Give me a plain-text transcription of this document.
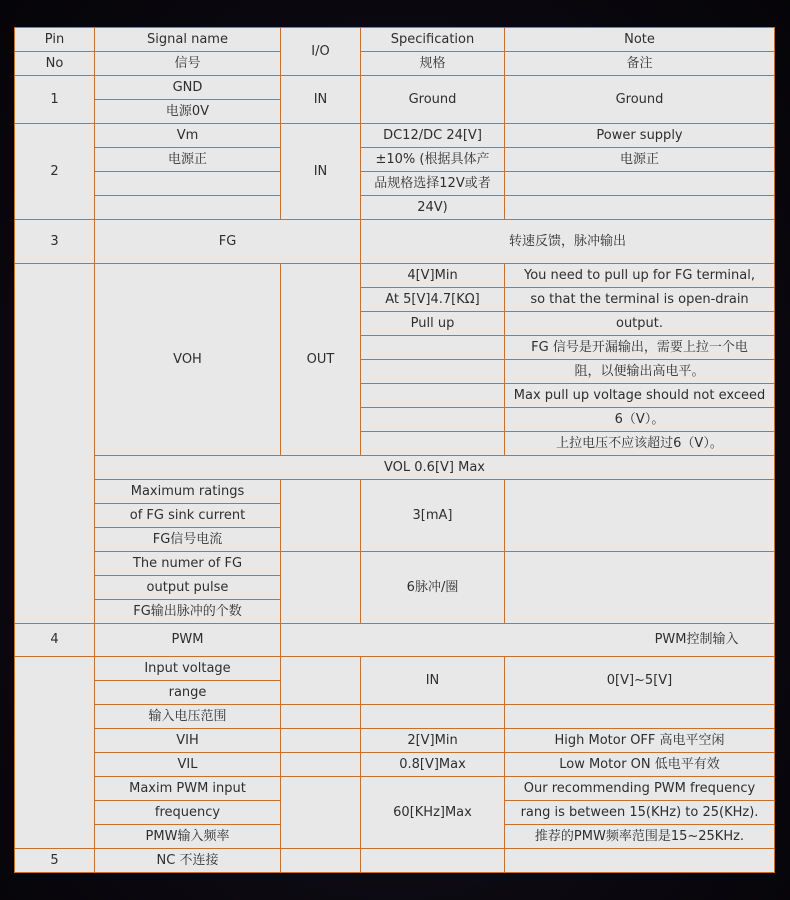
Pin	Signal name	I/O	Specification	Note
No	信号		规格	备注
1	GND	IN	Ground	Ground
	电源0V			
2	Vm	IN	DC12/DC 24[V]	Power supply
	电源正		±10% (根据具体产	电源正
			品规格选择12V或者	
			24V)	
3	FG		转速反馈，脉冲输出	
	VOH	OUT	4[V]Min	You need to pull up for FG terminal,
			At 5[V]4.7[KΩ]	so that the terminal is open-drain
			Pull up	output.
				FG 信号是开漏输出，需要上拉一个电
				阻，以便输出高电平。
				Max pull up voltage should not exceed
				6（V）。
				上拉电压不应该超过6（V）。
	VOL 0.6[V] Max			
	Maximum ratings		3[mA]	
	of FG sink current			
	FG信号电流			
	The numer of FG		6脉冲/圈	
	output pulse			
	FG输出脉冲的个数			
4	PWM	PWM控制输入		
	Input voltage		IN	0[V]~5[V]
	range			
	输入电压范围			
	VIH		2[V]Min	High Motor OFF 高电平空闲
	VIL		0.8[V]Max	Low Motor ON 低电平有效
	Maxim PWM input		60[KHz]Max	Our recommending PWM frequency
	frequency			rang is between 15(KHz) to 25(KHz).
	PMW输入频率			推荐的PMW频率范围是15~25KHz.
5	NC 不连接			
